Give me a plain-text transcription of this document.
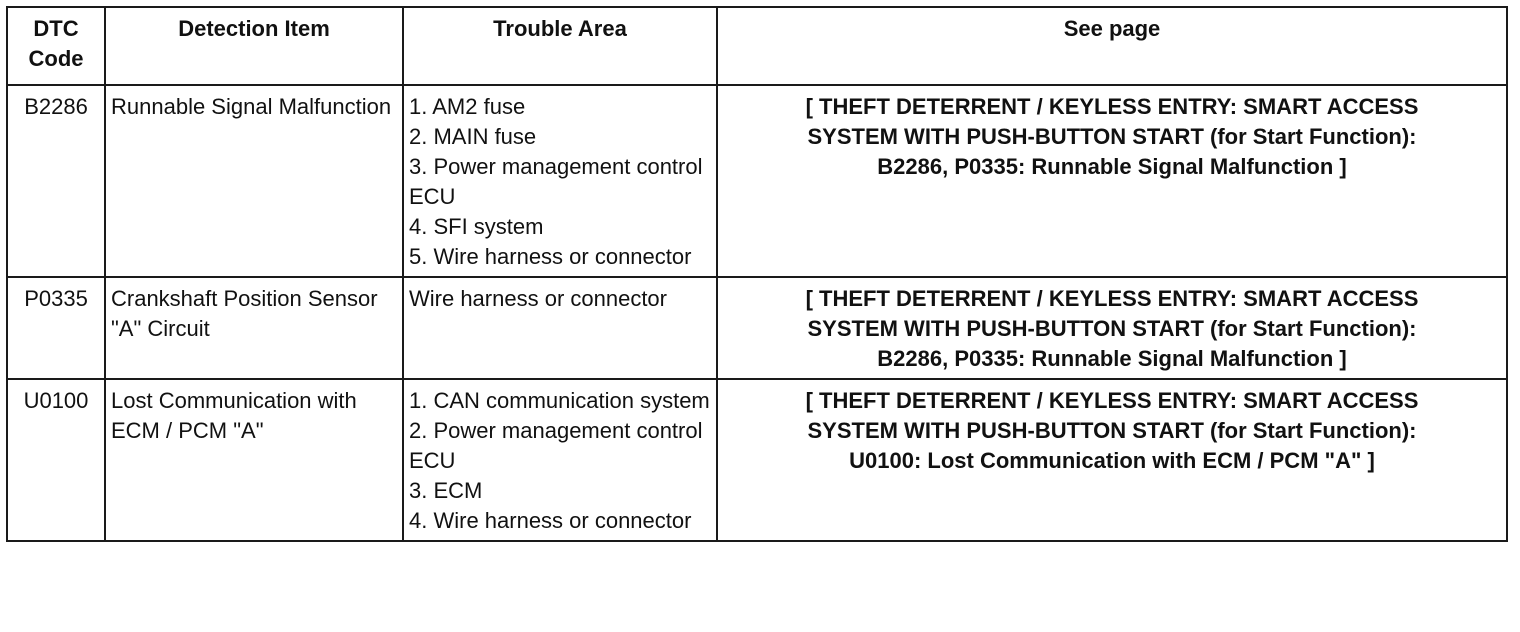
DTC Code	Detection Item	Trouble Area	See page
B2286	Runnable Signal Malfunction	1. AM2 fuse
2. MAIN fuse
3. Power management control ECU
4. SFI system
5. Wire harness or connector	[ THEFT DETERRENT / KEYLESS ENTRY: SMART ACCESS
SYSTEM WITH PUSH-BUTTON START (for Start Function):
B2286, P0335: Runnable Signal Malfunction ]

P0335	Crankshaft Position Sensor "A" Circuit	Wire harness or connector	[ THEFT DETERRENT / KEYLESS ENTRY: SMART ACCESS
SYSTEM WITH PUSH-BUTTON START (for Start Function):
B2286, P0335: Runnable Signal Malfunction ]

U0100	Lost Communication with ECM / PCM "A"	1. CAN communication system
2. Power management control ECU
3. ECM
4. Wire harness or connector	[ THEFT DETERRENT / KEYLESS ENTRY: SMART ACCESS
SYSTEM WITH PUSH-BUTTON START (for Start Function):
U0100: Lost Communication with ECM / PCM "A" ]
